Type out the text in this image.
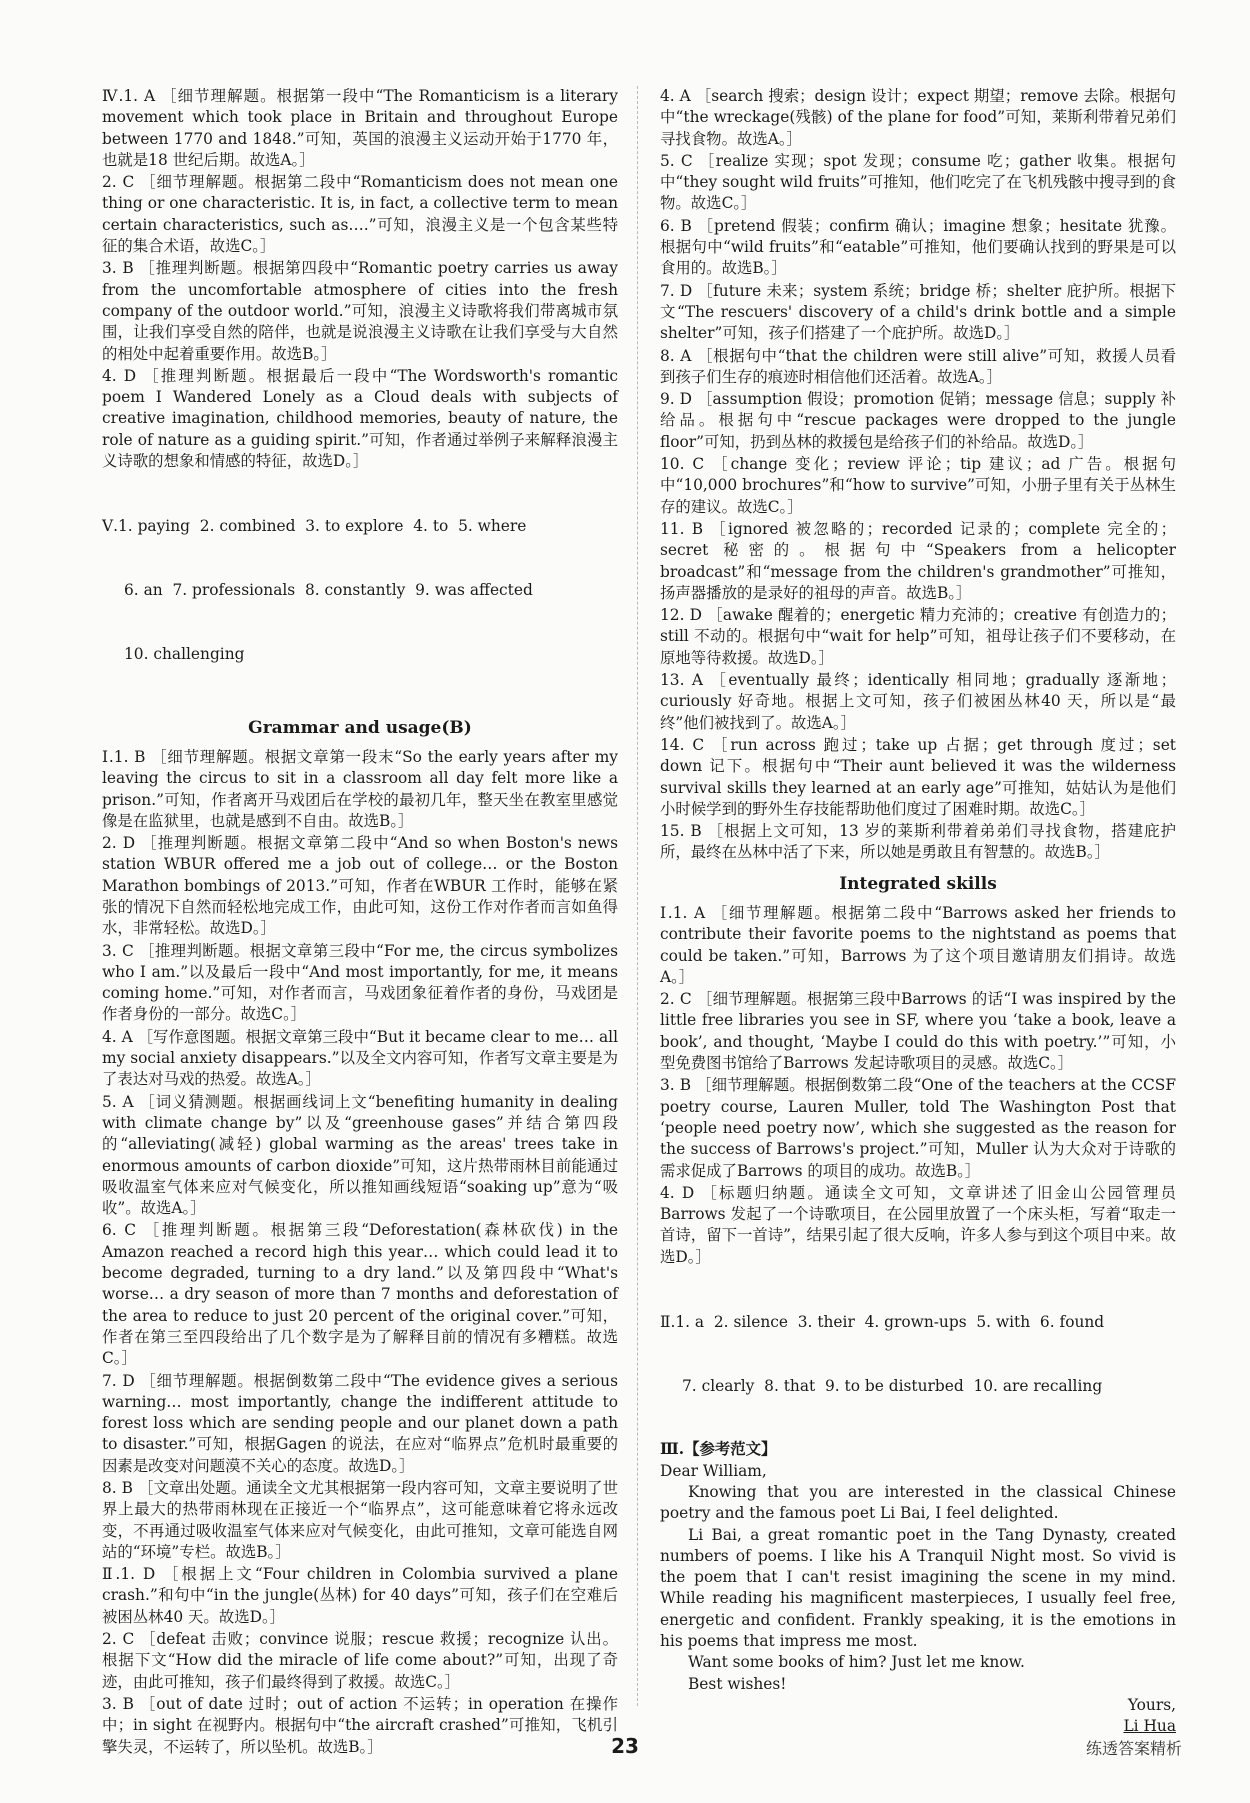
Ⅳ.1. A ［细节理解题。根据第一段中“The Romanticism is a literary movement which took place in Britain and throughout Europe between 1770 and 1848.”可知，英国的浪漫主义运动开始于1770 年，也就是18 世纪后期。故选A。］

2. C ［细节理解题。根据第二段中“Romanticism does not mean one thing or one characteristic. It is, in fact, a collective term to mean certain characteristics, such as….”可知，浪漫主义是一个包含某些特征的集合术语，故选C。］

3. B ［推理判断题。根据第四段中“Romantic poetry carries us away from the uncomfortable atmosphere of cities into the fresh company of the outdoor world.”可知，浪漫主义诗歌将我们带离城市氛围，让我们享受自然的陪伴，也就是说浪漫主义诗歌在让我们享受与大自然的相处中起着重要作用。故选B。］

4. D ［推理判断题。根据最后一段中“The Wordsworth's romantic poem I Wandered Lonely as a Cloud deals with subjects of creative imagination, childhood memories, beauty of nature, the role of nature as a guiding spirit.”可知，作者通过举例子来解释浪漫主义诗歌的想象和情感的特征，故选D。］

Ⅴ.1. paying  2. combined  3. to explore  4. to  5. where

6. an  7. professionals  8. constantly  9. was affected

10. challenging

Grammar and usage(B)

Ⅰ.1. B ［细节理解题。根据文章第一段末“So the early years after my leaving the circus to sit in a classroom all day felt more like a prison.”可知，作者离开马戏团后在学校的最初几年，整天坐在教室里感觉像是在监狱里，也就是感到不自由。故选B。］

2. D ［推理判断题。根据文章第二段中“And so when Boston's news station WBUR offered me a job out of college… or the Boston Marathon bombings of 2013.”可知，作者在WBUR 工作时，能够在紧张的情况下自然而轻松地完成工作，由此可知，这份工作对作者而言如鱼得水，非常轻松。故选D。］

3. C ［推理判断题。根据文章第三段中“For me, the circus symbolizes who I am.”以及最后一段中“And most importantly, for me, it means coming home.”可知，对作者而言，马戏团象征着作者的身份，马戏团是作者身份的一部分。故选C。］

4. A ［写作意图题。根据文章第三段中“But it became clear to me… all my social anxiety disappears.”以及全文内容可知，作者写文章主要是为了表达对马戏的热爱。故选A。］

5. A ［词义猜测题。根据画线词上文“benefiting humanity in dealing with climate change by”以及“greenhouse gases”并结合第四段的“alleviating(减轻) global warming as the areas' trees take in enormous amounts of carbon dioxide”可知，这片热带雨林目前能通过吸收温室气体来应对气候变化，所以推知画线短语“soaking up”意为“吸收”。故选A。］

6. C ［推理判断题。根据第三段“Deforestation(森林砍伐) in the Amazon reached a record high this year… which could lead it to become degraded, turning to a dry land.”以及第四段中“What's worse… a dry season of more than 7 months and deforestation of the area to reduce to just 20 percent of the original cover.”可知，作者在第三至四段给出了几个数字是为了解释目前的情况有多糟糕。故选C。］

7. D ［细节理解题。根据倒数第二段中“The evidence gives a serious warning… most importantly, change the indifferent attitude to forest loss which are sending people and our planet down a path to disaster.”可知，根据Gagen 的说法，在应对“临界点”危机时最重要的因素是改变对问题漠不关心的态度。故选D。］

8. B ［文章出处题。通读全文尤其根据第一段内容可知，文章主要说明了世界上最大的热带雨林现在正接近一个“临界点”，这可能意味着它将永远改变，不再通过吸收温室气体来应对气候变化，由此可推知，文章可能选自网站的“环境”专栏。故选B。］

Ⅱ.1. D ［根据上文“Four children in Colombia survived a plane crash.”和句中“in the jungle(丛林) for 40 days”可知，孩子们在空难后被困丛林40 天。故选D。］

2. C ［defeat 击败；convince 说服；rescue 救援；recognize 认出。根据下文“How did the miracle of life come about?”可知，出现了奇迹，由此可推知，孩子们最终得到了救援。故选C。］

3. B ［out of date 过时；out of action 不运转；in operation 在操作中；in sight 在视野内。根据句中“the aircraft crashed”可推知，飞机引擎失灵，不运转了，所以坠机。故选B。］

4. A ［search 搜索；design 设计；expect 期望；remove 去除。根据句中“the wreckage(残骸) of the plane for food”可知，莱斯利带着兄弟们寻找食物。故选A。］

5. C ［realize 实现；spot 发现；consume 吃；gather 收集。根据句中“they sought wild fruits”可推知，他们吃完了在飞机残骸中搜寻到的食物。故选C。］

6. B ［pretend 假装；confirm 确认；imagine 想象；hesitate 犹豫。根据句中“wild fruits”和“eatable”可推知，他们要确认找到的野果是可以食用的。故选B。］

7. D ［future 未来；system 系统；bridge 桥；shelter 庇护所。根据下文“The rescuers' discovery of a child's drink bottle and a simple shelter”可知，孩子们搭建了一个庇护所。故选D。］

8. A ［根据句中“that the children were still alive”可知，救援人员看到孩子们生存的痕迹时相信他们还活着。故选A。］

9. D ［assumption 假设；promotion 促销；message 信息；supply 补给品。根据句中“rescue packages were dropped to the jungle floor”可知，扔到丛林的救援包是给孩子们的补给品。故选D。］

10. C ［change 变化；review 评论；tip 建议；ad 广告。根据句中“10,000 brochures”和“how to survive”可知，小册子里有关于丛林生存的建议。故选C。］

11. B ［ignored 被忽略的；recorded 记录的；complete 完全的；secret 秘密的。根据句中“Speakers from a helicopter broadcast”和“message from the children's grandmother”可推知，扬声器播放的是录好的祖母的声音。故选B。］

12. D ［awake 醒着的；energetic 精力充沛的；creative 有创造力的；still 不动的。根据句中“wait for help”可知，祖母让孩子们不要移动，在原地等待救援。故选D。］

13. A ［eventually 最终；identically 相同地；gradually 逐渐地；curiously 好奇地。根据上文可知，孩子们被困丛林40 天，所以是“最终”他们被找到了。故选A。］

14. C ［run across 跑过；take up 占据；get through 度过；set down 记下。根据句中“Their aunt believed it was the wilderness survival skills they learned at an early age”可推知，姑姑认为是他们小时候学到的野外生存技能帮助他们度过了困难时期。故选C。］

15. B ［根据上文可知，13 岁的莱斯利带着弟弟们寻找食物，搭建庇护所，最终在丛林中活了下来，所以她是勇敢且有智慧的。故选B。］

Integrated skills

Ⅰ.1. A ［细节理解题。根据第二段中“Barrows asked her friends to contribute their favorite poems to the nightstand as poems that could be taken.”可知，Barrows 为了这个项目邀请朋友们捐诗。故选A。］

2. C ［细节理解题。根据第三段中Barrows 的话“I was inspired by the little free libraries you see in SF, where you ‘take a book, leave a book’, and thought, ‘Maybe I could do this with poetry.’”可知，小型免费图书馆给了Barrows 发起诗歌项目的灵感。故选C。］

3. B ［细节理解题。根据倒数第二段“One of the teachers at the CCSF poetry course, Lauren Muller, told The Washington Post that ‘people need poetry now’, which she suggested as the reason for the success of Barrows's project.”可知，Muller 认为大众对于诗歌的需求促成了Barrows 的项目的成功。故选B。］

4. D ［标题归纳题。通读全文可知，文章讲述了旧金山公园管理员Barrows 发起了一个诗歌项目，在公园里放置了一个床头柜，写着“取走一首诗，留下一首诗”，结果引起了很大反响，许多人参与到这个项目中来。故选D。］

Ⅱ.1. a  2. silence  3. their  4. grown-ups  5. with  6. found

7. clearly  8. that  9. to be disturbed  10. are recalling

Ⅲ.【参考范文】

Dear William,

Knowing that you are interested in the classical Chinese poetry and the famous poet Li Bai, I feel delighted.

Li Bai, a great romantic poet in the Tang Dynasty, created numbers of poems. I like his A Tranquil Night most. So vivid is the poem that I can't resist imagining the scene in my mind. While reading his magnificent masterpieces, I usually feel free, energetic and confident. Frankly speaking, it is the emotions in his poems that impress me most.

Want some books of him? Just let me know.

Best wishes!

Yours,

Li Hua

23	练透答案精析
